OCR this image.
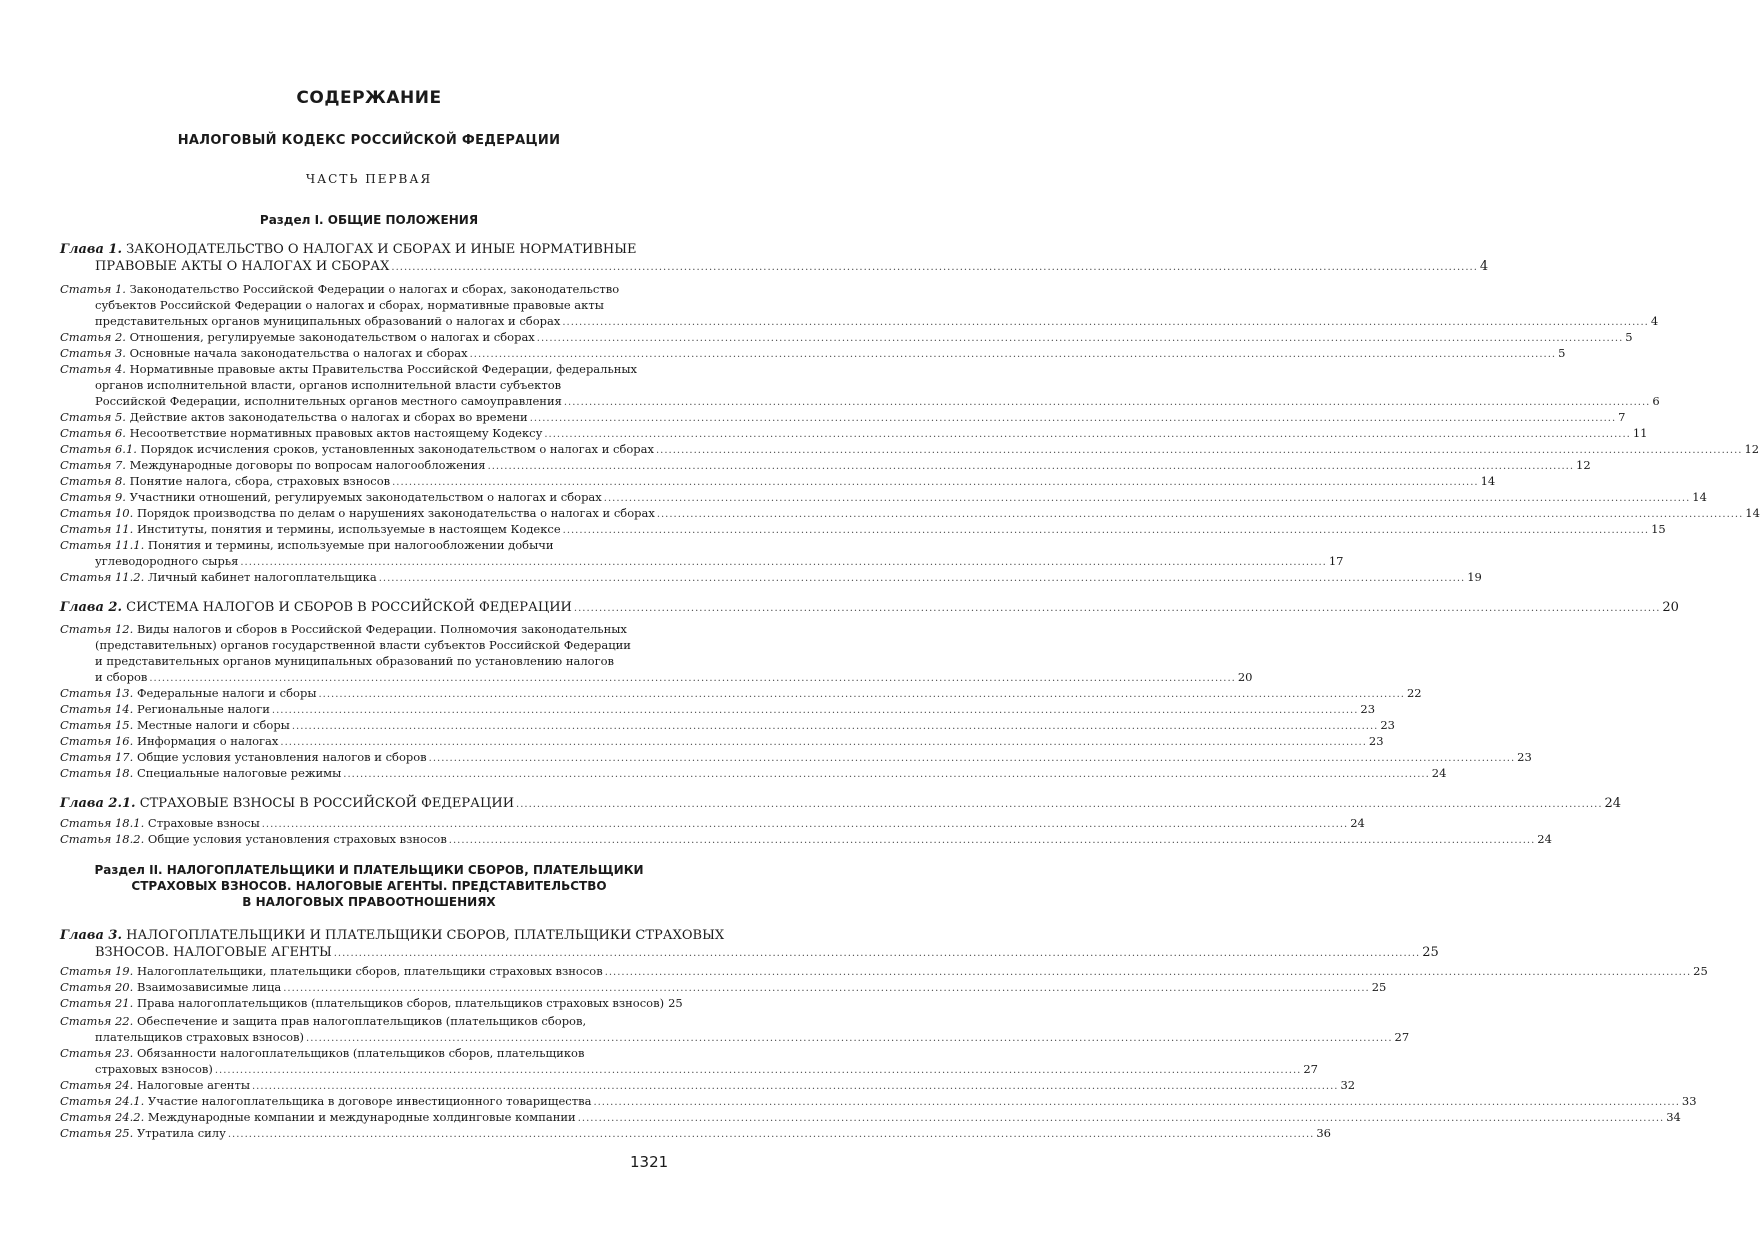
СОДЕРЖАНИЕ
НАЛОГОВЫЙ КОДЕКС РОССИЙСКОЙ ФЕДЕРАЦИИ
ЧАСТЬ ПЕРВАЯ
Раздел I. ОБЩИЕ ПОЛОЖЕНИЯ
Раздел II. НАЛОГОПЛАТЕЛЬЩИКИ И ПЛАТЕЛЬЩИКИ СБОРОВ, ПЛАТЕЛЬЩИКИ
СТРАХОВЫХ ВЗНОСОВ. НАЛОГОВЫЕ АГЕНТЫ. ПРЕДСТАВИТЕЛЬСТВО
В НАЛОГОВЫХ ПРАВООТНОШЕНИЯХ
Глава 1. ЗАКОНОДАТЕЛЬСТВО О НАЛОГАХ И СБОРАХ И ИНЫЕ НОРМАТИВНЫЕ
ПРАВОВЫЕ АКТЫ О НАЛОГАХ И СБОРАХ .................................................................................................................................................................................................................................................................... 4
Статья 1. Законодательство Российской Федерации о налогах и сборах, законодательство
субъектов Российской Федерации о налогах и сборах, нормативные правовые акты
представительных органов муниципальных образований о налогах и сборах .................................................................................................................................................................................................................................................................... 4
Статья 2. Отношения, регулируемые законодательством о налогах и сборах .................................................................................................................................................................................................................................................................... 5
Статья 3. Основные начала законодательства о налогах и сборах .................................................................................................................................................................................................................................................................... 5
Статья 4. Нормативные правовые акты Правительства Российской Федерации, федеральных
органов исполнительной власти, органов исполнительной власти субъектов
Российской Федерации, исполнительных органов местного самоуправления .................................................................................................................................................................................................................................................................... 6
Статья 5. Действие актов законодательства о налогах и сборах во времени .................................................................................................................................................................................................................................................................... 7
Статья 6. Несоответствие нормативных правовых актов настоящему Кодексу .................................................................................................................................................................................................................................................................... 11
Статья 6.1. Порядок исчисления сроков, установленных законодательством о налогах и сборах .................................................................................................................................................................................................................................................................... 12
Статья 7. Международные договоры по вопросам налогообложения .................................................................................................................................................................................................................................................................... 12
Статья 8. Понятие налога, сбора, страховых взносов .................................................................................................................................................................................................................................................................... 14
Статья 9. Участники отношений, регулируемых законодательством о налогах и сборах .................................................................................................................................................................................................................................................................... 14
Статья 10. Порядок производства по делам о нарушениях законодательства о налогах и сборах .................................................................................................................................................................................................................................................................... 14
Статья 11. Институты, понятия и термины, используемые в настоящем Кодексе .................................................................................................................................................................................................................................................................... 15
Статья 11.1. Понятия и термины, используемые при налогообложении добычи
углеводородного сырья .................................................................................................................................................................................................................................................................... 17
Статья 11.2. Личный кабинет налогоплательщика .................................................................................................................................................................................................................................................................... 19
Глава 2. СИСТЕМА НАЛОГОВ И СБОРОВ В РОССИЙСКОЙ ФЕДЕРАЦИИ .................................................................................................................................................................................................................................................................... 20
Статья 12. Виды налогов и сборов в Российской Федерации. Полномочия законодательных
(представительных) органов государственной власти субъектов Российской Федерации
и представительных органов муниципальных образований по установлению налогов
и сборов .................................................................................................................................................................................................................................................................... 20
Статья 13. Федеральные налоги и сборы .................................................................................................................................................................................................................................................................... 22
Статья 14. Региональные налоги .................................................................................................................................................................................................................................................................... 23
Статья 15. Местные налоги и сборы .................................................................................................................................................................................................................................................................... 23
Статья 16. Информация о налогах .................................................................................................................................................................................................................................................................... 23
Статья 17. Общие условия установления налогов и сборов .................................................................................................................................................................................................................................................................... 23
Статья 18. Специальные налоговые режимы .................................................................................................................................................................................................................................................................... 24
Глава 2.1. СТРАХОВЫЕ ВЗНОСЫ В РОССИЙСКОЙ ФЕДЕРАЦИИ .................................................................................................................................................................................................................................................................... 24
Статья 18.1. Страховые взносы .................................................................................................................................................................................................................................................................... 24
Статья 18.2. Общие условия установления страховых взносов .................................................................................................................................................................................................................................................................... 24
Глава 3. НАЛОГОПЛАТЕЛЬЩИКИ И ПЛАТЕЛЬЩИКИ СБОРОВ, ПЛАТЕЛЬЩИКИ СТРАХОВЫХ
ВЗНОСОВ. НАЛОГОВЫЕ АГЕНТЫ .................................................................................................................................................................................................................................................................... 25
Статья 19. Налогоплательщики, плательщики сборов, плательщики страховых взносов .................................................................................................................................................................................................................................................................... 25
Статья 20. Взаимозависимые лица .................................................................................................................................................................................................................................................................... 25
Статья 21. Права налогоплательщиков (плательщиков сборов, плательщиков страховых взносов) 25
Статья 22. Обеспечение и защита прав налогоплательщиков (плательщиков сборов,
плательщиков страховых взносов) .................................................................................................................................................................................................................................................................... 27
Статья 23. Обязанности налогоплательщиков (плательщиков сборов, плательщиков
страховых взносов) .................................................................................................................................................................................................................................................................... 27
Статья 24. Налоговые агенты .................................................................................................................................................................................................................................................................... 32
Статья 24.1. Участие налогоплательщика в договоре инвестиционного товарищества .................................................................................................................................................................................................................................................................... 33
Статья 24.2. Международные компании и международные холдинговые компании .................................................................................................................................................................................................................................................................... 34
Статья 25. Утратила силу .................................................................................................................................................................................................................................................................... 36
1321
